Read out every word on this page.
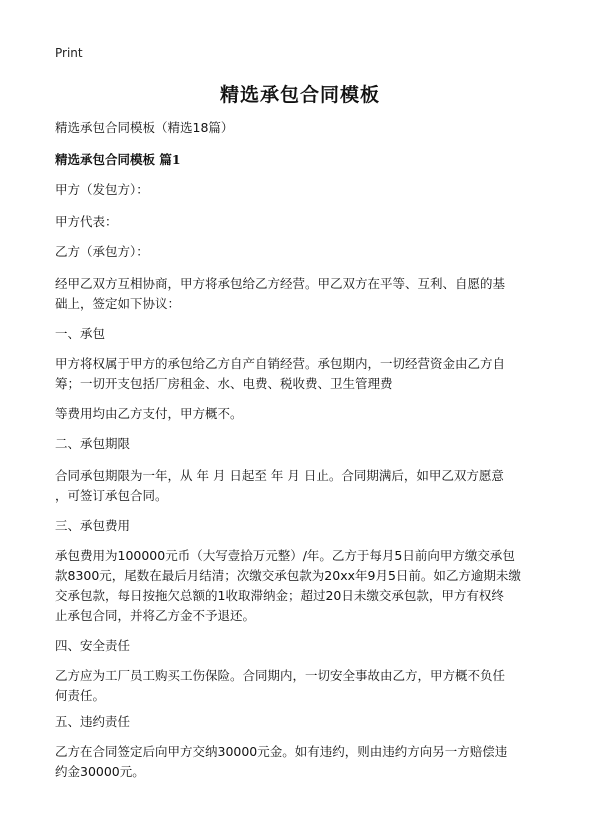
Print
精选承包合同模板
精选承包合同模板（精选18篇）
精选承包合同模板 篇1
甲方（发包方）：
甲方代表：
乙方（承包方）：
经甲乙双方互相协商，甲方将承包给乙方经营。甲乙双方在平等、互利、自愿的基
础上，签定如下协议：
一、承包
甲方将权属于甲方的承包给乙方自产自销经营。承包期内，一切经营资金由乙方自
筹；一切开支包括厂房租金、水、电费、税收费、卫生管理费
等费用均由乙方支付，甲方概不。
二、承包期限
合同承包期限为一年，从 年 月 日起至 年 月 日止。合同期满后，如甲乙双方愿意
，可签订承包合同。
三、承包费用
承包费用为100000元币（大写壹拾万元整）/年。乙方于每月5日前向甲方缴交承包
款8300元，尾数在最后月结清；次缴交承包款为20xx年9月5日前。如乙方逾期未缴
交承包款，每日按拖欠总额的1收取滞纳金；超过20日未缴交承包款，甲方有权终
止承包合同，并将乙方金不予退还。
四、安全责任
乙方应为工厂员工购买工伤保险。合同期内，一切安全事故由乙方，甲方概不负任
何责任。
五、违约责任
乙方在合同签定后向甲方交纳30000元金。如有违约，则由违约方向另一方赔偿违
约金30000元。
